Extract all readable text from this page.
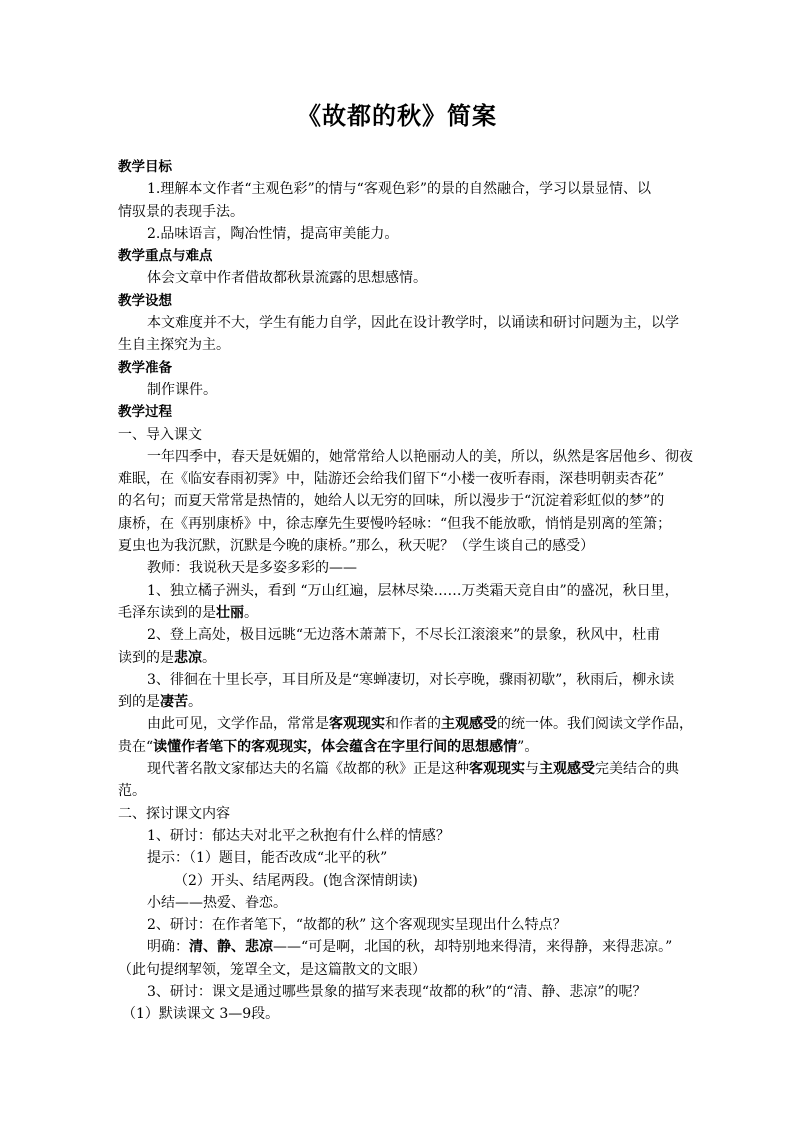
《故都的秋》简案
教学目标
1.理解本文作者“主观色彩”的情与“客观色彩”的景的自然融合，学习以景显情、以
情驭景的表现手法。
2.品味语言，陶冶性情，提高审美能力。
教学重点与难点
体会文章中作者借故都秋景流露的思想感情。
教学设想
本文难度并不大，学生有能力自学，因此在设计教学时，以诵读和研讨问题为主，以学
生自主探究为主。
教学准备
制作课件。
教学过程
一、导入课文
一年四季中，春天是妩媚的，她常常给人以艳丽动人的美，所以，纵然是客居他乡、彻夜
难眠，在《临安春雨初霁》中，陆游还会给我们留下“小楼一夜听春雨，深巷明朝卖杏花”
的名句；而夏天常常是热情的，她给人以无穷的回味，所以漫步于“沉淀着彩虹似的梦”的
康桥，在《再别康桥》中，徐志摩先生要慢吟轻咏：“但我不能放歌，悄悄是别离的笙箫；
夏虫也为我沉默，沉默是今晚的康桥。”那么，秋天呢？（学生谈自己的感受）
教师：我说秋天是多姿多彩的——
1、独立橘子洲头，看到 “万山红遍，层林尽染……万类霜天竞自由”的盛况，秋日里，
毛泽东读到的是壮丽。
2、登上高处，极目远眺“无边落木萧萧下，不尽长江滚滚来”的景象，秋风中，杜甫
读到的是悲凉。
3、徘徊在十里长亭，耳目所及是“寒蝉凄切，对长亭晚，骤雨初歇”，秋雨后，柳永读
到的是凄苦。
由此可见，文学作品，常常是客观现实和作者的主观感受的统一体。我们阅读文学作品，
贵在“读懂作者笔下的客观现实，体会蕴含在字里行间的思想感情”。
现代著名散文家郁达夫的名篇《故都的秋》正是这种客观现实与主观感受完美结合的典
范。
二、探讨课文内容
1、研讨：郁达夫对北平之秋抱有什么样的情感？
提示：（1）题目，能否改成“北平的秋”
（2）开头、结尾两段。(饱含深情朗读)
小结——热爱、眷恋。
2、研讨：在作者笔下，“故都的秋” 这个客观现实呈现出什么特点？
明确：清、静、悲凉——“可是啊，北国的秋，却特别地来得清，来得静，来得悲凉。”
（此句提纲挈领，笼罩全文，是这篇散文的文眼）
3、研讨：课文是通过哪些景象的描写来表现“故都的秋”的“清、静、悲凉”的呢？
（1）默读课文 3—9段。
